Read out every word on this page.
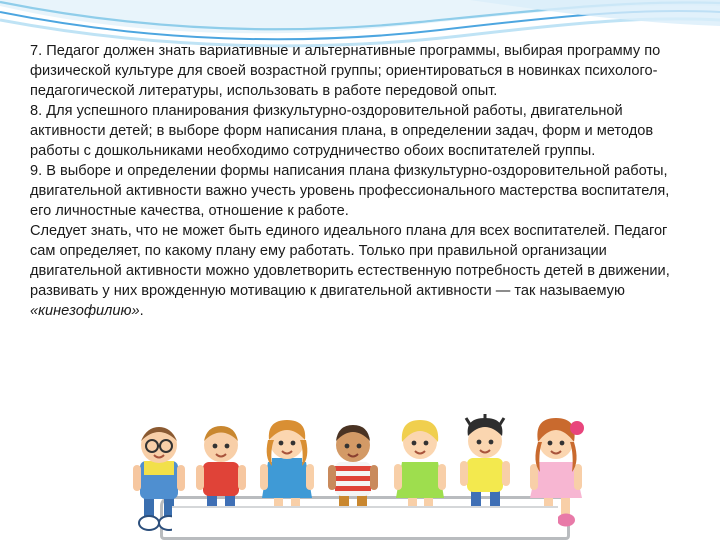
7. Педагог должен знать вариативные и альтернативные программы, выбирая программу по физической культуре для своей возрастной группы; ориентироваться в новинках психолого-педагогической литературы, использовать в работе передовой опыт.

8. Для успешного планирования физкультурно-оздоровительной работы, двигательной активности детей; в выборе форм написания плана, в определении задач, форм и методов работы с дошкольниками необходимо сотрудничество обоих воспитателей группы.

9. В выборе и определении формы написания плана физкультурно-оздоровительной работы, двигательной активности важно учесть уровень профессионального мастерства воспитателя, его личностные качества, отношение к работе.

Следует знать, что не может быть единого идеального плана для всех воспитателей. Педагог сам определяет, по какому плану ему работать. Только при правильной организации двигательной активности можно удовлетворить естественную потребность детей в движении, развивать у них врожденную мотивацию к двигательной активности — так называемую «кинезофилию».
